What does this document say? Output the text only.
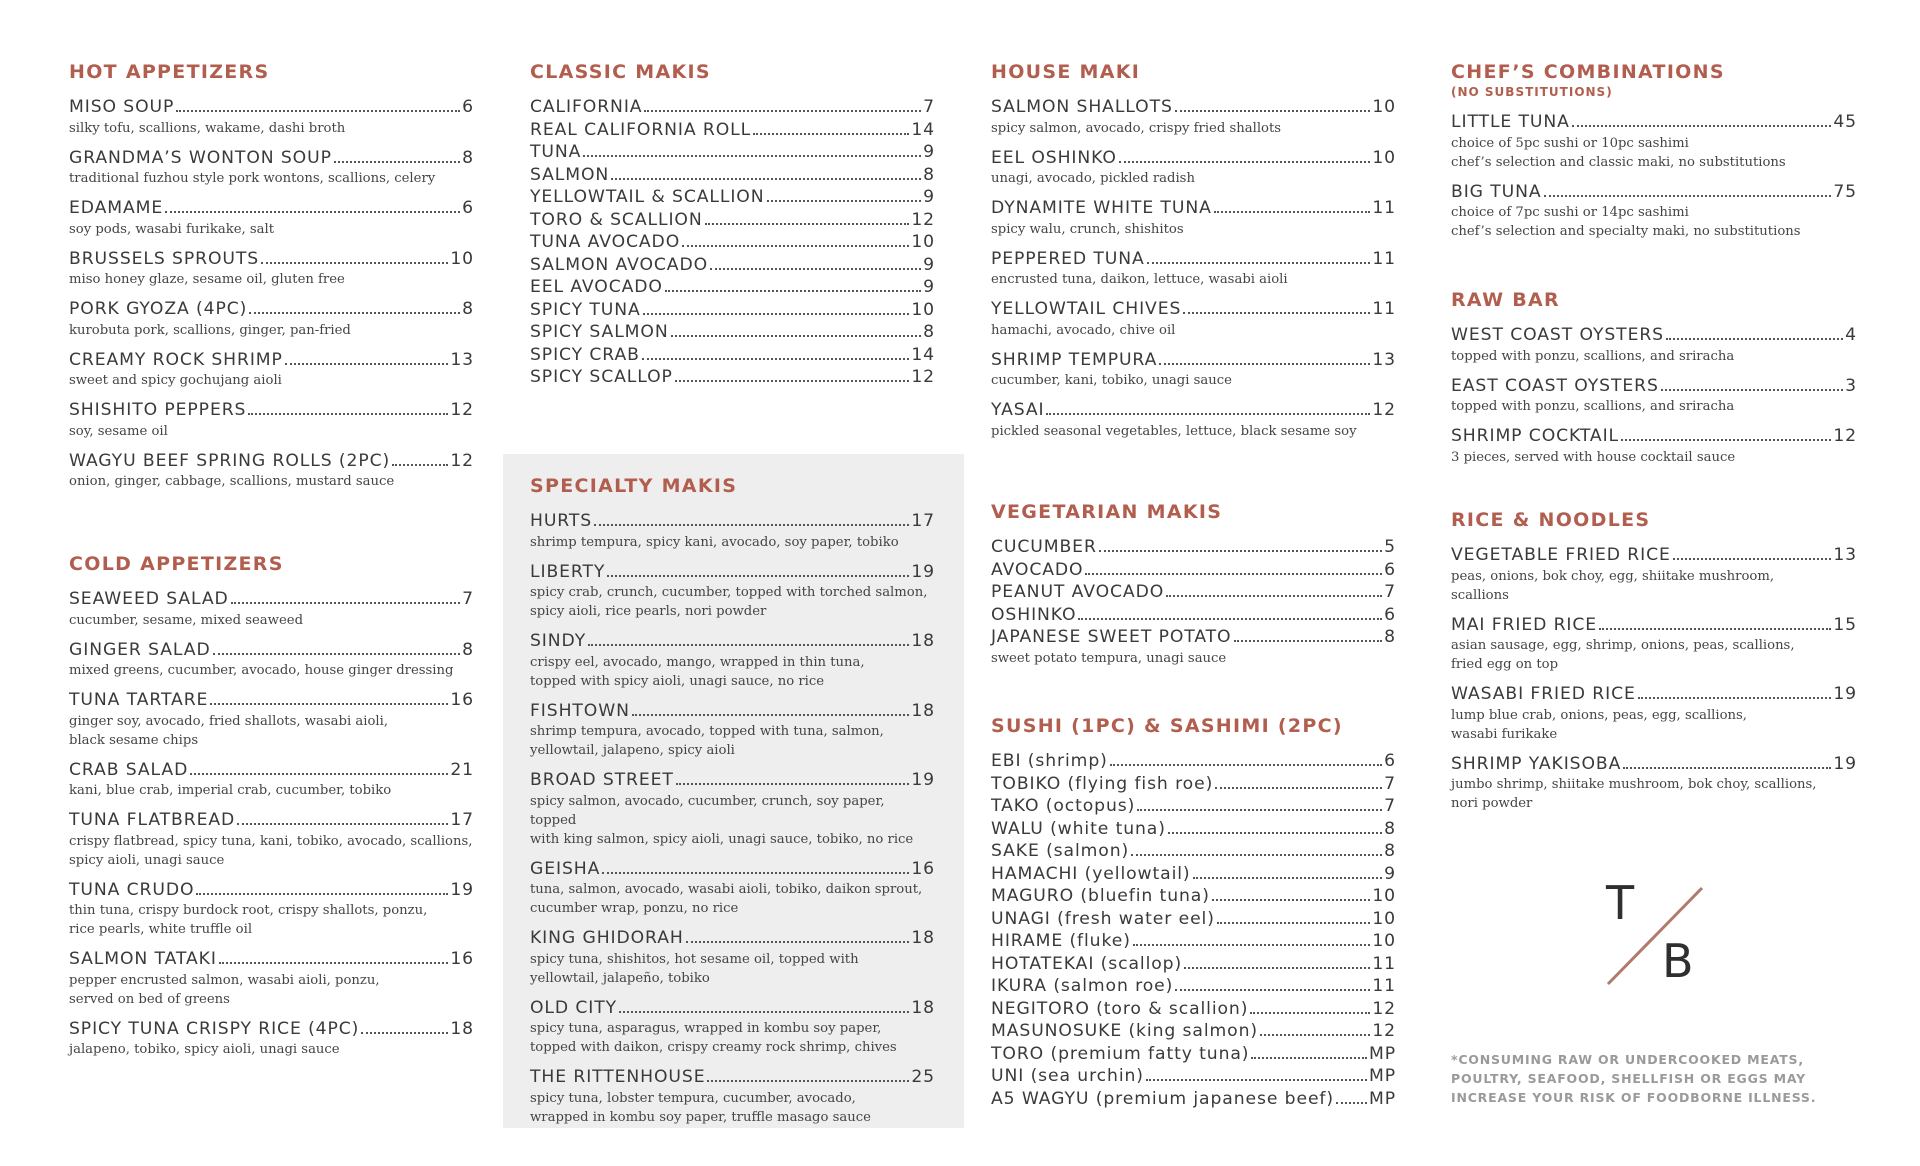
HOT APPETIZERS
MISO SOUP	6
silky tofu, scallions, wakame, dashi broth
GRANDMA’S WONTON SOUP	8
traditional fuzhou style pork wontons, scallions, celery
EDAMAME	6
soy pods, wasabi furikake, salt
BRUSSELS SPROUTS	10
miso honey glaze, sesame oil, gluten free
PORK GYOZA (4PC)	8
kurobuta pork, scallions, ginger, pan-fried
CREAMY ROCK SHRIMP	13
sweet and spicy gochujang aioli
SHISHITO PEPPERS	12
soy, sesame oil
WAGYU BEEF SPRING ROLLS (2PC)	12
onion, ginger, cabbage, scallions, mustard sauce
COLD APPETIZERS
SEAWEED SALAD	7
cucumber, sesame, mixed seaweed
GINGER SALAD	8
mixed greens, cucumber, avocado, house ginger dressing
TUNA TARTARE	16
ginger soy, avocado, fried shallots, wasabi aioli,
black sesame chips
CRAB SALAD	21
kani, blue crab, imperial crab, cucumber, tobiko
TUNA FLATBREAD	17
crispy flatbread, spicy tuna, kani, tobiko, avocado, scallions,
spicy aioli, unagi sauce
TUNA CRUDO	19
thin tuna, crispy burdock root, crispy shallots, ponzu,
rice pearls, white truffle oil
SALMON TATAKI	16
pepper encrusted salmon, wasabi aioli, ponzu,
served on bed of greens
SPICY TUNA CRISPY RICE (4PC)	18
jalapeno, tobiko, spicy aioli, unagi sauce
CLASSIC MAKIS
CALIFORNIA	7
REAL CALIFORNIA ROLL	14
TUNA	9
SALMON	8
YELLOWTAIL & SCALLION	9
TORO & SCALLION	12
TUNA AVOCADO	10
SALMON AVOCADO	9
EEL AVOCADO	9
SPICY TUNA	10
SPICY SALMON	8
SPICY CRAB	14
SPICY SCALLOP	12
SPECIALTY MAKIS
HURTS	17
shrimp tempura, spicy kani, avocado, soy paper, tobiko
LIBERTY	19
spicy crab, crunch, cucumber, topped with torched salmon,
spicy aioli, rice pearls, nori powder
SINDY	18
crispy eel, avocado, mango, wrapped in thin tuna,
topped with spicy aioli, unagi sauce, no rice
FISHTOWN	18
shrimp tempura, avocado, topped with tuna, salmon,
yellowtail, jalapeno, spicy aioli
BROAD STREET	19
spicy salmon, avocado, cucumber, crunch, soy paper, topped
with king salmon, spicy aioli, unagi sauce, tobiko, no rice
GEISHA	16
tuna, salmon, avocado, wasabi aioli, tobiko, daikon sprout,
cucumber wrap, ponzu, no rice
KING GHIDORAH	18
spicy tuna, shishitos, hot sesame oil, topped with
yellowtail, jalapeño, tobiko
OLD CITY	18
spicy tuna, asparagus, wrapped in kombu soy paper,
topped with daikon, crispy creamy rock shrimp, chives
THE RITTENHOUSE	25
spicy tuna, lobster tempura, cucumber, avocado,
wrapped in kombu soy paper, truffle masago sauce
HOUSE MAKI
SALMON SHALLOTS	10
spicy salmon, avocado, crispy fried shallots
EEL OSHINKO	10
unagi, avocado, pickled radish
DYNAMITE WHITE TUNA	11
spicy walu, crunch, shishitos
PEPPERED TUNA	11
encrusted tuna, daikon, lettuce, wasabi aioli
YELLOWTAIL CHIVES	11
hamachi, avocado, chive oil
SHRIMP TEMPURA	13
cucumber, kani, tobiko, unagi sauce
YASAI	12
pickled seasonal vegetables, lettuce, black sesame soy
VEGETARIAN MAKIS
CUCUMBER	5
AVOCADO	6
PEANUT AVOCADO	7
OSHINKO	6
JAPANESE SWEET POTATO	8
sweet potato tempura, unagi sauce
SUSHI (1PC) & SASHIMI (2PC)
EBI (shrimp)	6
TOBIKO (flying fish roe)	7
TAKO (octopus)	7
WALU (white tuna)	8
SAKE (salmon)	8
HAMACHI (yellowtail)	9
MAGURO (bluefin tuna)	10
UNAGI (fresh water eel)	10
HIRAME (fluke)	10
HOTATEKAI (scallop)	11
IKURA (salmon roe)	11
NEGITORO (toro & scallion)	12
MASUNOSUKE (king salmon)	12
TORO (premium fatty tuna)	MP
UNI (sea urchin)	MP
A5 WAGYU (premium japanese beef) MP
CHEF’S COMBINATIONS
(NO SUBSTITUTIONS)
LITTLE TUNA	45
choice of 5pc sushi or 10pc sashimi
chef’s selection and classic maki, no substitutions
BIG TUNA	75
choice of 7pc sushi or 14pc sashimi
chef’s selection and specialty maki, no substitutions
RAW BAR
WEST COAST OYSTERS	4
topped with ponzu, scallions, and sriracha
EAST COAST OYSTERS	3
topped with ponzu, scallions, and sriracha
SHRIMP COCKTAIL	12
3 pieces, served with house cocktail sauce
RICE & NOODLES
VEGETABLE FRIED RICE	13
peas, onions, bok choy, egg, shiitake mushroom,
scallions
MAI FRIED RICE	15
asian sausage, egg, shrimp, onions, peas, scallions,
fried egg on top
WASABI FRIED RICE	19
lump blue crab, onions, peas, egg, scallions,
wasabi furikake
SHRIMP YAKISOBA	19
jumbo shrimp, shiitake mushroom, bok choy, scallions,
nori powder
T
B
*CONSUMING RAW OR UNDERCOOKED MEATS, POULTRY, SEAFOOD, SHELLFISH OR EGGS MAY INCREASE YOUR RISK OF FOODBORNE ILLNESS.
